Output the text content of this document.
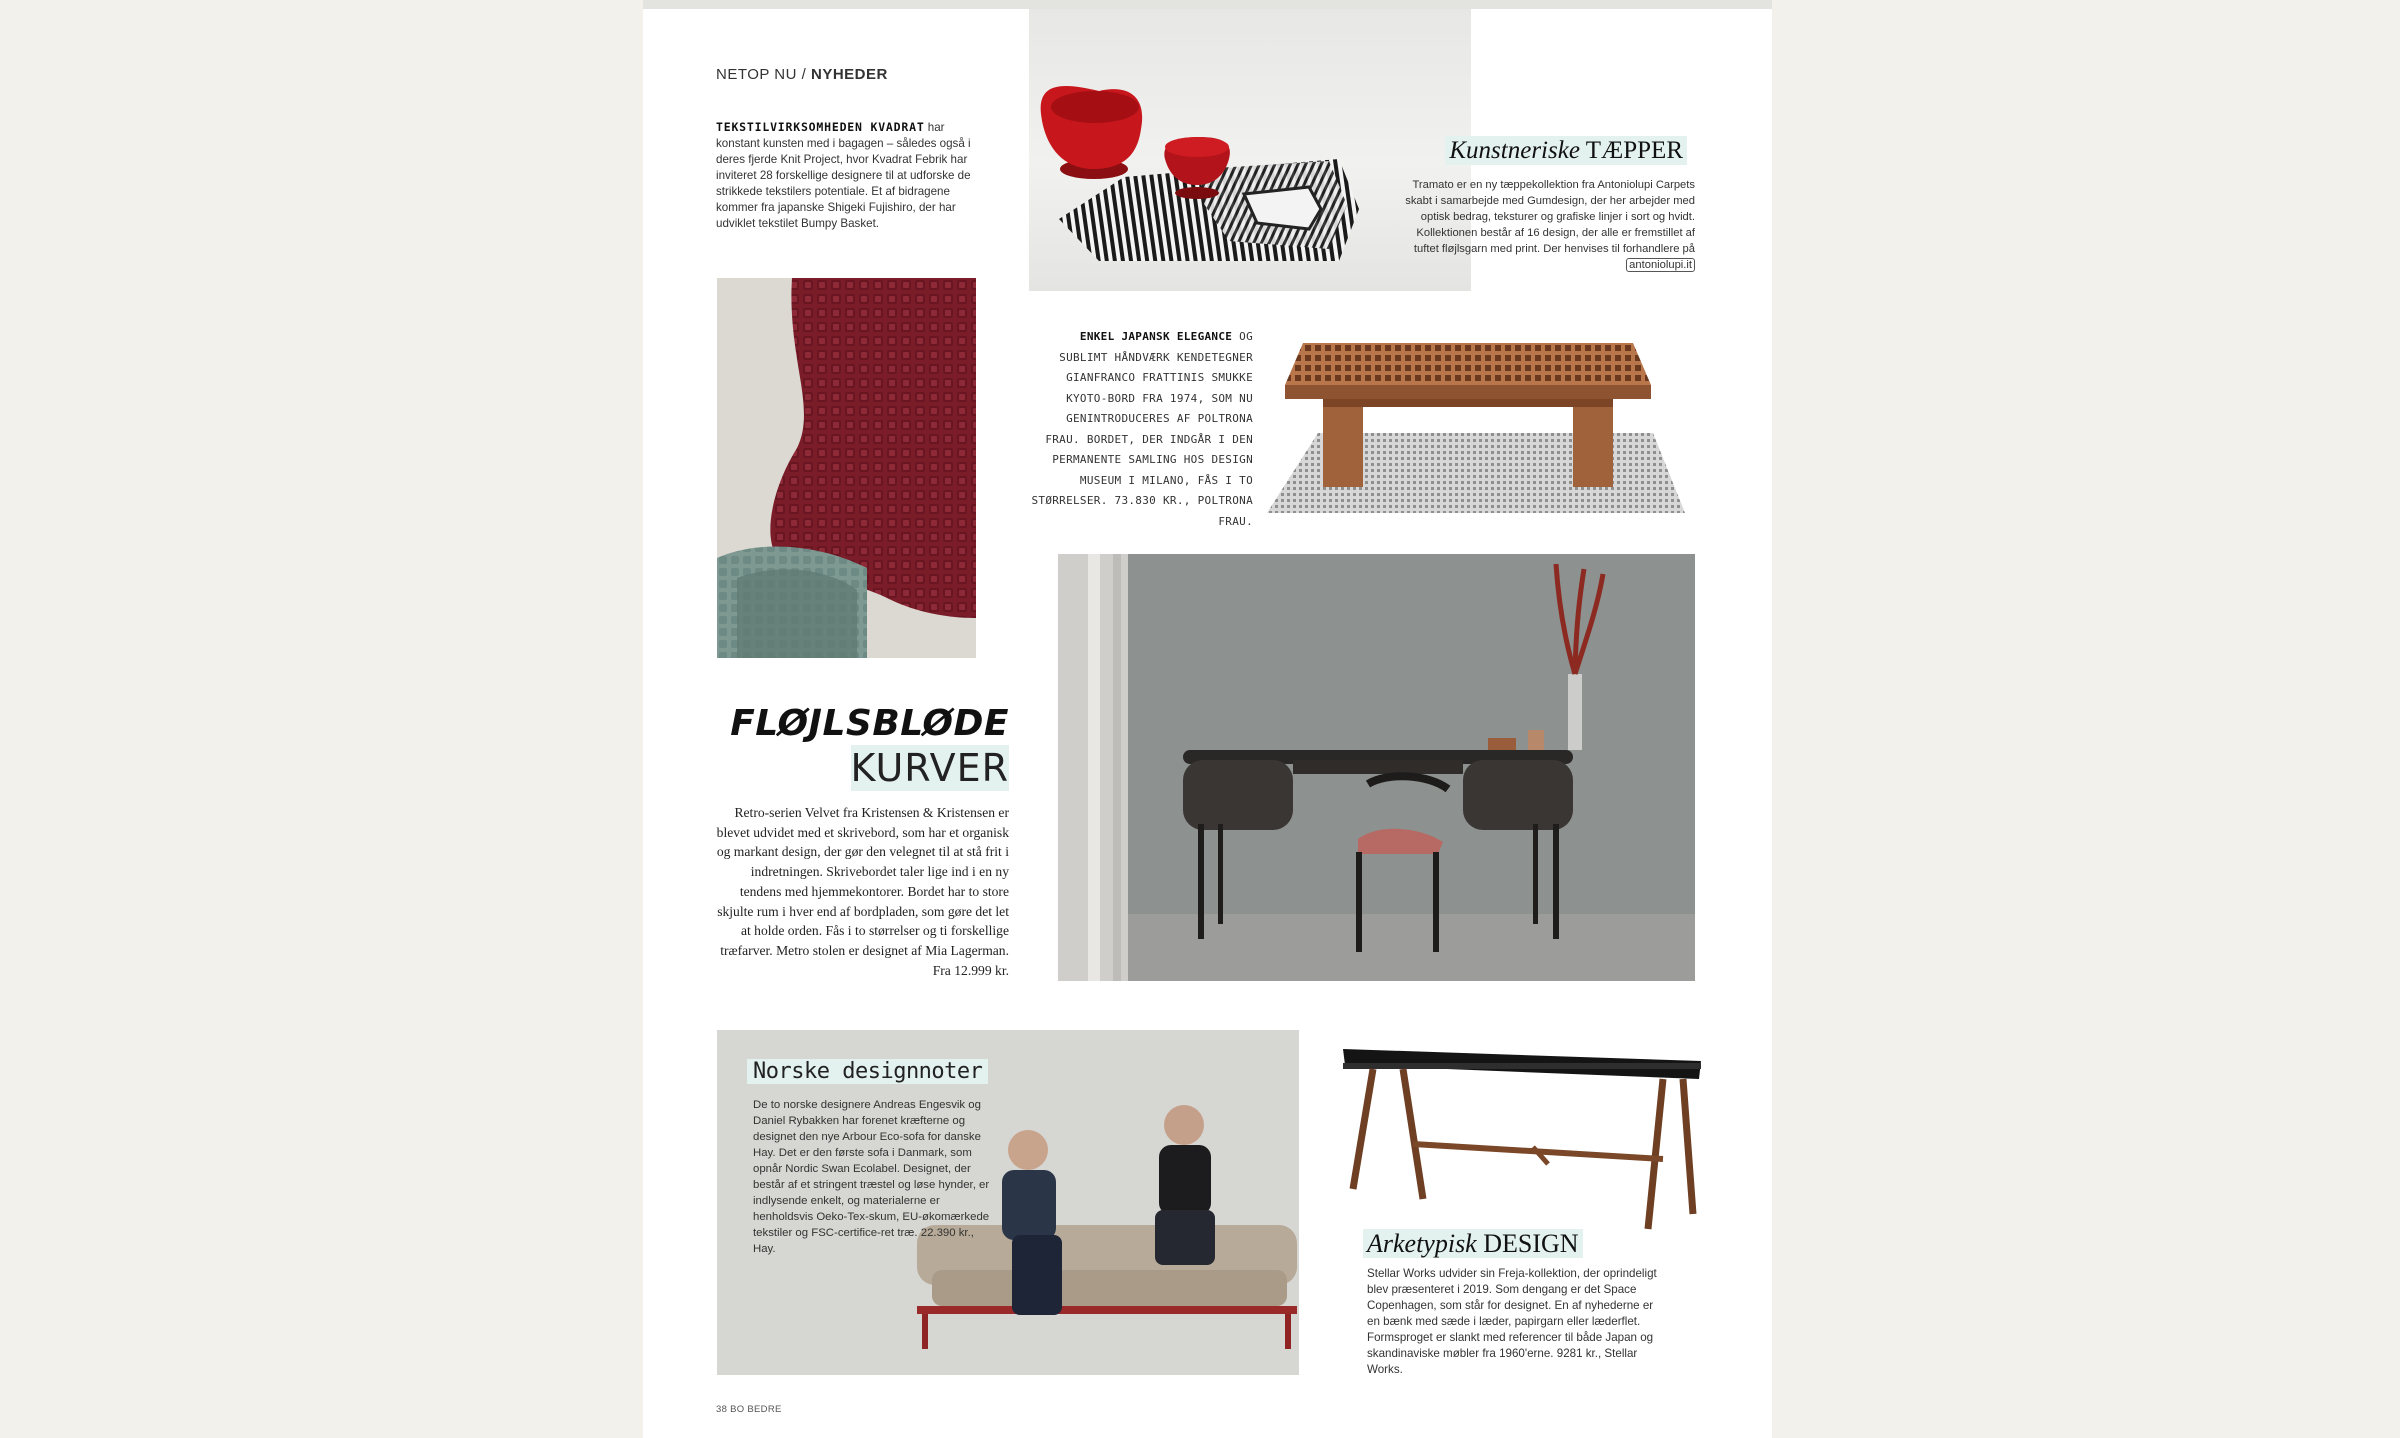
NETOP NU / NYHEDER
TEKSTILVIRKSOMHEDEN KVADRAT har konstant kunsten med i bagagen – således også i deres fjerde Knit Project, hvor Kvadrat Febrik har inviteret 28 forskellige designere til at udforske de strikkede tekstilers potentiale. Et af bidragene kommer fra japanske Shigeki Fujishiro, der har udviklet tekstilet Bumpy Basket.
Kunstneriske TÆPPER
Tramato er en ny tæppekollektion fra Antoniolupi Carpets skabt i samarbejde med Gumdesign, der her arbejder med optisk bedrag, teksturer og grafiske linjer i sort og hvidt. Kollektionen består af 16 design, der alle er fremstillet af tuftet fløjlsgarn med print. Der henvises til forhandlere på antoniolupi.it
ENKEL JAPANSK ELEGANCE OG SUBLIMT HÅNDVÆRK KENDETEGNER GIANFRANCO FRATTINIS SMUKKE KYOTO-BORD FRA 1974, SOM NU GENINTRODUCERES AF POLTRONA FRAU. BORDET, DER INDGÅR I DEN PERMANENTE SAMLING HOS DESIGN MUSEUM I MILANO, FÅS I TO STØRRELSER. 73.830 KR., POLTRONA FRAU.
FLØJLSBLØDE
KURVER
Retro-serien Velvet fra Kristensen & Kristensen er blevet udvidet med et skrivebord, som har et organisk og markant design, der gør den velegnet til at stå frit i indretningen. Skrivebordet taler lige ind i en ny tendens med hjemmekontorer. Bordet har to store skjulte rum i hver end af bordpladen, som gøre det let at holde orden. Fås i to størrelser og ti forskellige træfarver. Metro stolen er designet af Mia Lagerman. Fra 12.999 kr.
Norske designnoter
De to norske designere Andreas Engesvik og Daniel Rybakken har forenet kræfterne og designet den nye Arbour Eco-sofa for danske Hay. Det er den første sofa i Danmark, som opnår Nordic Swan Ecolabel. Designet, der består af et stringent træstel og løse hynder, er indlysende enkelt, og materialerne er henholdsvis Oeko-Tex-skum, EU-økomærkede tekstiler og FSC-certifice-ret træ. 22.390 kr., Hay.	Arketypisk DESIGN
Stellar Works udvider sin Freja-kollektion, der oprindeligt blev præsenteret i 2019. Som dengang er det Space Copenhagen, som står for designet. En af nyhederne er en bænk med sæde i læder, papirgarn eller læderflet. Formsproget er slankt med referencer til både Japan og skandinaviske møbler fra 1960'erne. 9281 kr., Stellar Works.
38 BO BEDRE
